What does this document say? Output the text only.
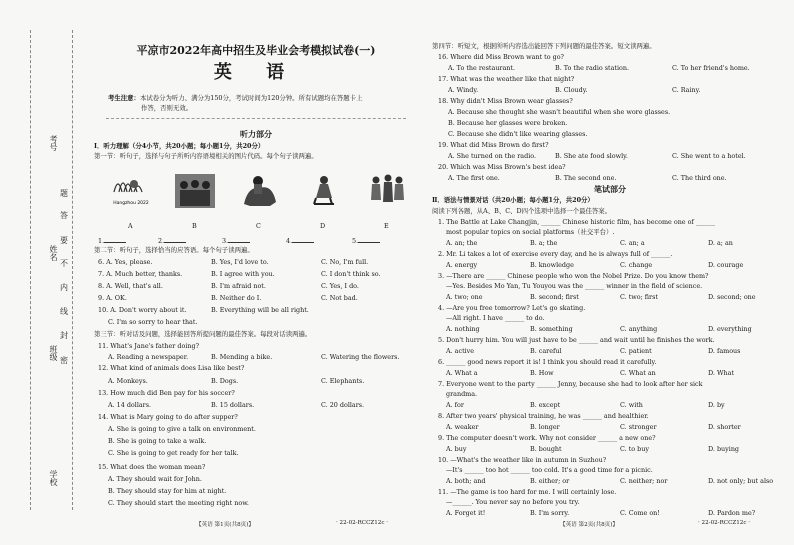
考号
姓名
班级
学校
题
答
要
不
内
线
封
密
平凉市2022年高中招生及毕业会考模拟试卷(一)
英 语
考生注意：本试卷分为听力、满分为150分，考试时间为120分钟。所有试题均在答题卡上
作答，否则无效。
听力部分
Ⅰ．听力理解（分4小节，共20小题；每小题1分，共20分）
第一节：听句子，选择与句子所听内容语境相关的图片代码。每个句子读两遍。
Hangzhou 2022
A	B	C	D	E
1.	2.	3.	4.	5.
第二节：听句子，选择恰当的应答语。每个句子读两遍。
6. A. Yes, please.	B. Yes, I'd love to.	C. No, I'm full.
7. A. Much better, thanks.	B. I agree with you.	C. I don't think so.
8. A. Well, that's all.	B. I'm afraid not.	C. Yes, I do.
9. A. OK.	B. Neither do I.	C. Not bad.
10. A. Don't worry about it.	B. Everything will be all right.
C. I'm so sorry to hear that.
第三节：听对话及问题，选择能回答所提问题的最佳答案。每段对话读两遍。
11. What's Jane's father doing?
A. Reading a newspaper.	B. Mending a bike.	C. Watering the flowers.
12. What kind of animals does Lisa like best?
A. Monkeys.	B. Dogs.	C. Elephants.
13. How much did Ben pay for his soccer?
A. 14 dollars.	B. 15 dollars.	C. 20 dollars.
14. What is Mary going to do after supper?
A. She is going to give a talk on environment.
B. She is going to take a walk.
C. She is going to get ready for her talk.
15. What does the woman mean?
A. They should wait for John.
B. They should stay for him at night.
C. They should start the meeting right now.
【英语 第1页(共8页)】	· 22-02-RCCZ12c ·
第四节：听短文，根据所听内容选出能回答下列问题的最佳答案。短文读两遍。
16. Where did Miss Brown want to go?
A. To the restaurant.	B. To the radio station.	C. To her friend's home.
17. What was the weather like that night?
A. Windy.	B. Cloudy.	C. Rainy.
18. Why didn't Miss Brown wear glasses?
A. Because she thought she wasn't beautiful when she wore glasses.
B. Because her glasses were broken.
C. Because she didn't like wearing glasses.
19. What did Miss Brown do first?
A. She turned on the radio.	B. She ate food slowly.	C. She went to a hotel.
20. Which was Miss Brown's best idea?
A. The first one.	B. The second one.	C. The third one.
笔试部分
Ⅱ．语法与情景对话（共20小题；每小题1分，共20分）
阅读下列各题，从A、B、C、D四个选项中选择一个最佳答案。
1. The Battle at Lake Changjin, ______ Chinese historic film, has become one of ______
most popular topics on social platforms（社交平台）.
A. an; the	B. a; the	C. an; a	D. a; an
2. Mr. Li takes a lot of exercise every day, and he is always full of ______.
A. energy	B. knowledge	C. change	D. courage
3. —There are ______ Chinese people who won the Nobel Prize. Do you know them?
—Yes. Besides Mo Yan, Tu Youyou was the ______ winner in the field of science.
A. two; one	B. second; first	C. two; first	D. second; one
4. —Are you free tomorrow? Let's go skating.
—All right. I have ______ to do.
A. nothing	B. something	C. anything	D. everything
5. Don't hurry him. You will just have to be ______ and wait until he finishes the work.
A. active	B. careful	C. patient	D. famous
6. ______ good news report it is! I think you should read it carefully.
A. What a	B. How	C. What an	D. What
7. Everyone went to the party ______ Jenny, because she had to look after her sick
grandma.
A. for	B. except	C. with	D. by
8. After two years' physical training, he was ______ and healthier.
A. weaker	B. longer	C. stronger	D. shorter
9. The computer doesn't work. Why not consider ______ a new one?
A. buy	B. bought	C. to buy	D. buying
10. —What's the weather like in autumn in Suzhou?
—It's ______ too hot ______ too cold. It's a good time for a picnic.
A. both; and	B. either; or	C. neither; nor	D. not only; but also
11. —The game is too hard for me. I will certainly lose.
—______. You never say no before you try.
A. Forget it!	B. I'm sorry.	C. Come on!	D. Pardon me?
【英语 第2页(共8页)】	· 22-02-RCCZ12c ·
